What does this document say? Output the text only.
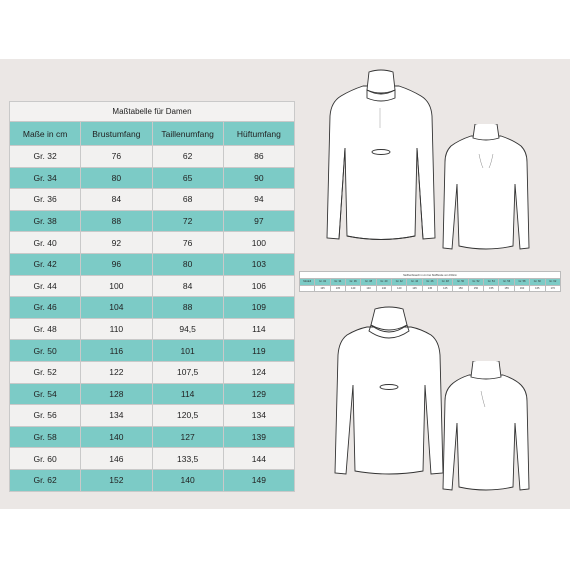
Maßtabelle für Damen			
Maße in cm	Brustumfang	Taillenumfang	Hüftumfang
Gr. 32	76	62	86
Gr. 34	80	65	90
Gr. 36	84	68	94
Gr. 38	88	72	97
Gr. 40	92	76	100
Gr. 42	96	80	103
Gr. 44	100	84	106
Gr. 46	104	88	109
Gr. 48	110	94,5	114
Gr. 50	116	101	119
Gr. 52	122	107,5	124
Gr. 54	128	114	129
Gr. 56	134	120,5	134
Gr. 58	140	127	139
Gr. 60	146	133,5	144
Gr. 62	152	140	149
Stoffverbrauch in cm bei Stoffbreite von 150cm																
Modell	Gr. 32	Gr. 34	Gr. 36	Gr. 38	Gr. 40	Gr. 42	Gr. 44	Gr. 46	Gr. 48	Gr. 50	Gr. 52	Gr. 54	Gr. 56	Gr. 58	Gr. 60	Gr. 62
	135	135	140	140	140	140	145	145	145	150	150	155	155	160	165	170
